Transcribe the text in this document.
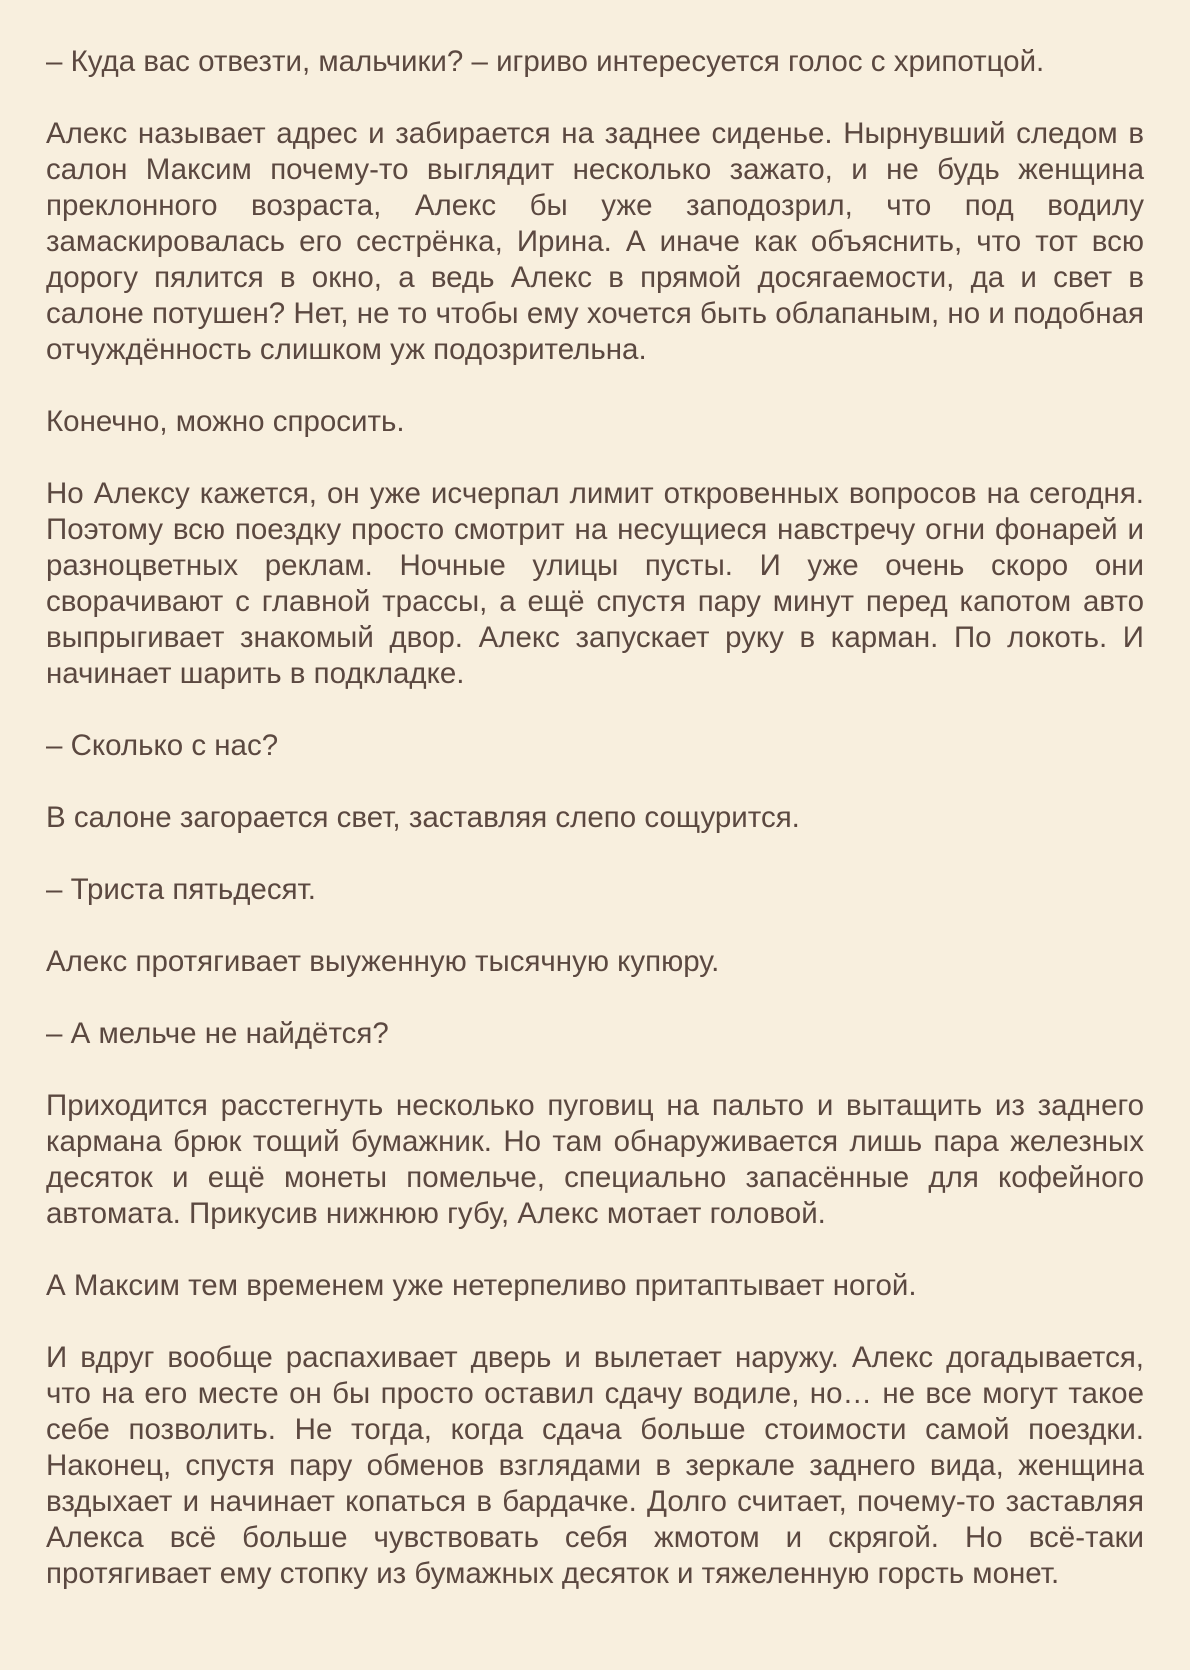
– Куда вас отвезти, мальчики? – игриво интересуется голос с хрипотцой.

Алекс называет адрес и забирается на заднее сиденье. Нырнувший следом в салон Максим почему-то выглядит несколько зажато, и не будь женщина преклонного возраста, Алекс бы уже заподозрил, что под водилу замаскировалась его сестрёнка, Ирина. А иначе как объяснить, что тот всю дорогу пялится в окно, а ведь Алекс в прямой досягаемости, да и свет в салоне потушен? Нет, не то чтобы ему хочется быть облапаным, но и подобная отчуждённость слишком уж подозрительна.

Конечно, можно спросить.

Но Алексу кажется, он уже исчерпал лимит откровенных вопросов на сегодня. Поэтому всю поездку просто смотрит на несущиеся навстречу огни фонарей и разноцветных реклам. Ночные улицы пусты. И уже очень скоро они сворачивают с главной трассы, а ещё спустя пару минут перед капотом авто выпрыгивает знакомый двор. Алекс запускает руку в карман. По локоть. И начинает шарить в подкладке.

– Сколько с нас?

В салоне загорается свет, заставляя слепо сощурится.

– Триста пятьдесят.

Алекс протягивает выуженную тысячную купюру.

– А мельче не найдётся?

Приходится расстегнуть несколько пуговиц на пальто и вытащить из заднего кармана брюк тощий бумажник. Но там обнаруживается лишь пара железных десяток и ещё монеты помельче, специально запасённые для кофейного автомата. Прикусив нижнюю губу, Алекс мотает головой.

А Максим тем временем уже нетерпеливо притаптывает ногой.

И вдруг вообще распахивает дверь и вылетает наружу. Алекс догадывается, что на его месте он бы просто оставил сдачу водиле, но… не все могут такое себе позволить. Не тогда, когда сдача больше стоимости самой поездки. Наконец, спустя пару обменов взглядами в зеркале заднего вида, женщина вздыхает и начинает копаться в бардачке. Долго считает, почему-то заставляя Алекса всё больше чувствовать себя жмотом и скрягой. Но всё-таки протягивает ему стопку из бумажных десяток и тяжеленную горсть монет.
